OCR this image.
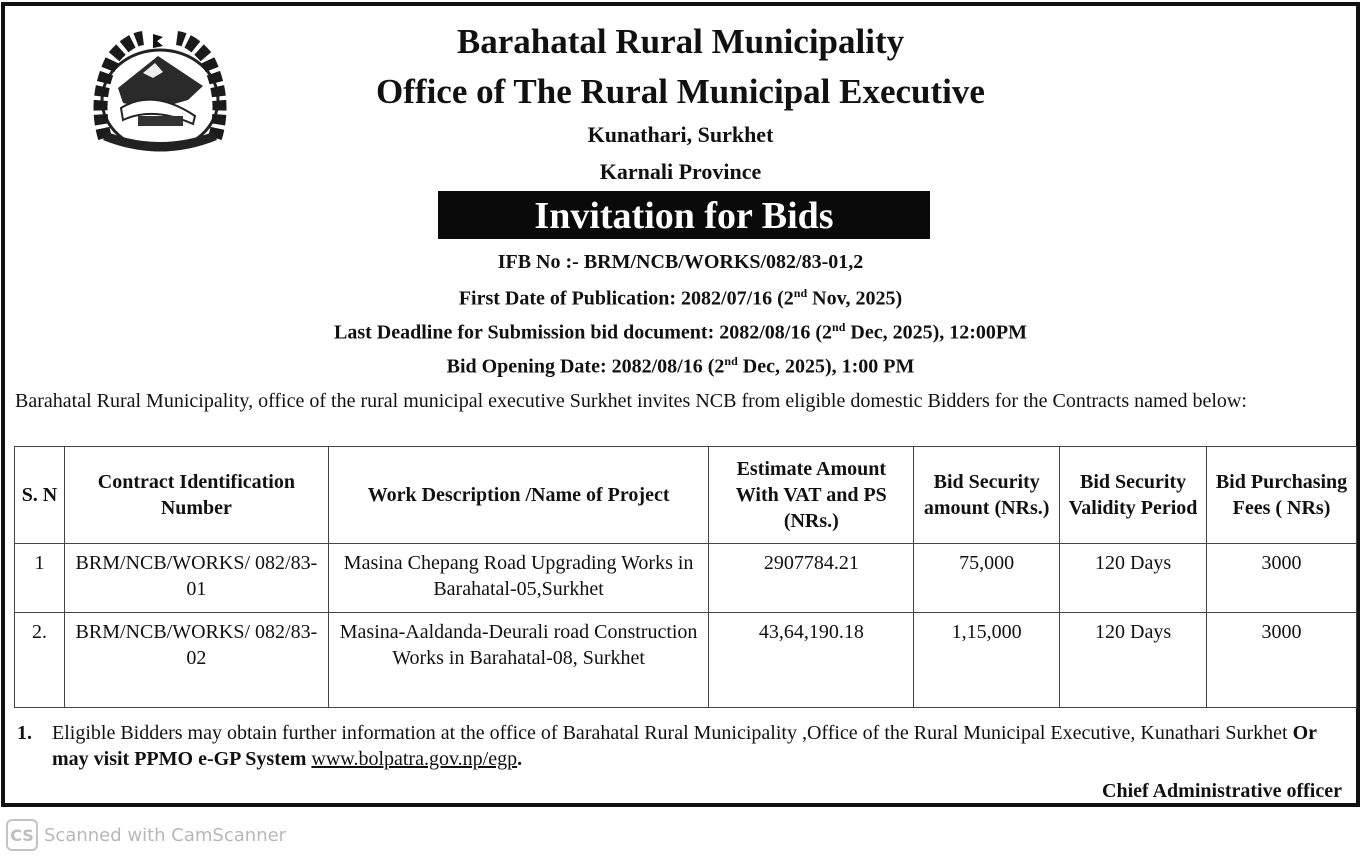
Barahatal Rural Municipality
Office of The Rural Municipal Executive
Kunathari, Surkhet
Karnali Province
Invitation for Bids
IFB No :- BRM/NCB/WORKS/082/83-01,2
First Date of Publication: 2082/07/16 (2nd Nov, 2025)
Last Deadline for Submission bid document: 2082/08/16 (2nd Dec, 2025), 12:00PM
Bid Opening Date: 2082/08/16 (2nd Dec, 2025), 1:00 PM
Barahatal Rural Municipality, office of the rural municipal executive Surkhet invites NCB from eligible domestic Bidders for the Contracts named below:
S. N	Contract Identification Number	Work Description /Name of Project	Estimate Amount With VAT and PS (NRs.)	Bid Security amount (NRs.)	Bid Security Validity Period	Bid Purchasing Fees ( NRs)
1	BRM/NCB/WORKS/ 082/83-01	Masina Chepang Road Upgrading Works in Barahatal-05,Surkhet	2907784.21	75,000	120 Days	3000
2.	BRM/NCB/WORKS/ 082/83-02	Masina-Aaldanda-Deurali road Construction Works in Barahatal-08, Surkhet	43,64,190.18	1,15,000	120 Days	3000
1. Eligible Bidders may obtain further information at the office of Barahatal Rural Municipality ,Office of the Rural Municipal Executive, Kunathari Surkhet Or may visit PPMO e-GP System www.bolpatra.gov.np/egp.
Chief Administrative officer
CS Scanned with CamScanner
